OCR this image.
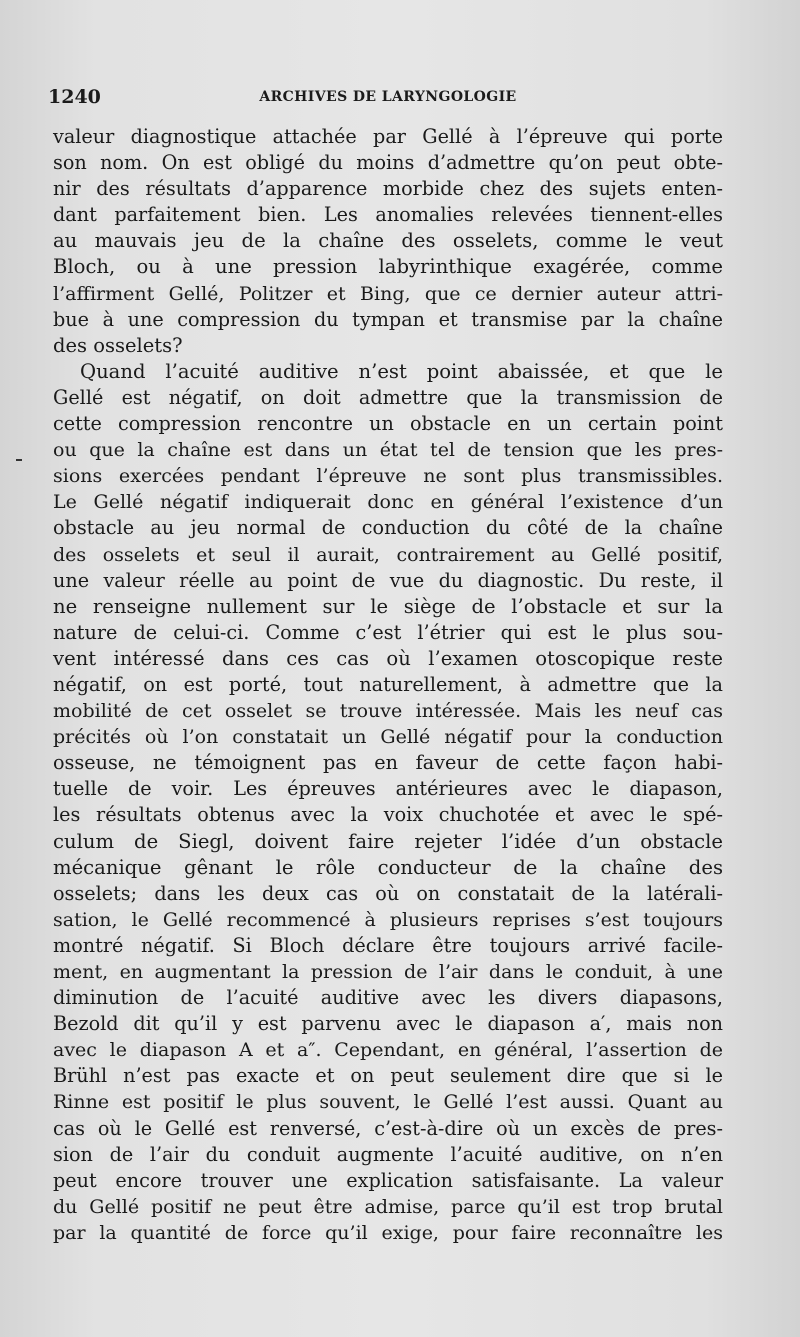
1240	ARCHIVES DE LARYNGOLOGIE
valeur diagnostique attachée par Gellé à l’épreuve qui porte
son nom. On est obligé du moins d’admettre qu’on peut obte-
nir des résultats d’apparence morbide chez des sujets enten-
dant parfaitement bien. Les anomalies relevées tiennent-elles
au mauvais jeu de la chaîne des osselets, comme le veut
Bloch, ou à une pression labyrinthique exagérée, comme
l’affirment Gellé, Politzer et Bing, que ce dernier auteur attri-
bue à une compression du tympan et transmise par la chaîne
des osselets?
Quand l’acuité auditive n’est point abaissée, et que le
Gellé est négatif, on doit admettre que la transmission de
cette compression rencontre un obstacle en un certain point
ou que la chaîne est dans un état tel de tension que les pres-
sions exercées pendant l’épreuve ne sont plus transmissibles.
Le Gellé négatif indiquerait donc en général l’existence d’un
obstacle au jeu normal de conduction du côté de la chaîne
des osselets et seul il aurait, contrairement au Gellé positif,
une valeur réelle au point de vue du diagnostic. Du reste, il
ne renseigne nullement sur le siège de l’obstacle et sur la
nature de celui-ci. Comme c’est l’étrier qui est le plus sou-
vent intéressé dans ces cas où l’examen otoscopique reste
négatif, on est porté, tout naturellement, à admettre que la
mobilité de cet osselet se trouve intéressée. Mais les neuf cas
précités où l’on constatait un Gellé négatif pour la conduction
osseuse, ne témoignent pas en faveur de cette façon habi-
tuelle de voir. Les épreuves antérieures avec le diapason,
les résultats obtenus avec la voix chuchotée et avec le spé-
culum de Siegl, doivent faire rejeter l’idée d’un obstacle
mécanique gênant le rôle conducteur de la chaîne des
osselets; dans les deux cas où on constatait de la latérali-
sation, le Gellé recommencé à plusieurs reprises s’est toujours
montré négatif. Si Bloch déclare être toujours arrivé facile-
ment, en augmentant la pression de l’air dans le conduit, à une
diminution de l’acuité auditive avec les divers diapasons,
Bezold dit qu’il y est parvenu avec le diapason a′, mais non
avec le diapason A et a″. Cependant, en général, l’assertion de
Brühl n’est pas exacte et on peut seulement dire que si le
Rinne est positif le plus souvent, le Gellé l’est aussi. Quant au
cas où le Gellé est renversé, c’est-à-dire où un excès de pres-
sion de l’air du conduit augmente l’acuité auditive, on n’en
peut encore trouver une explication satisfaisante. La valeur
du Gellé positif ne peut être admise, parce qu’il est trop brutal
par la quantité de force qu’il exige, pour faire reconnaître les
